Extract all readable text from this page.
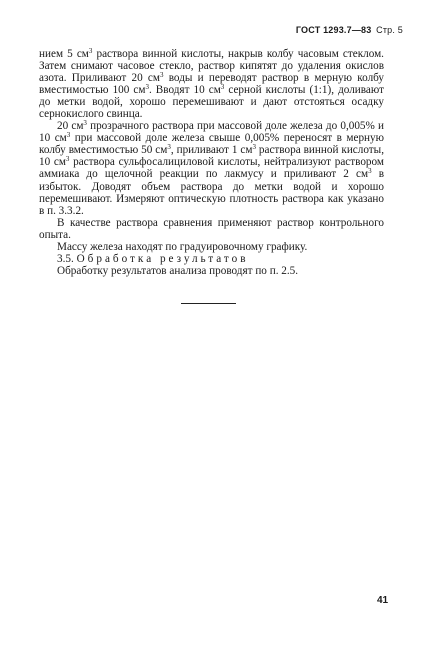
ГОСТ 1293.7—83 Стр. 5

нием 5 $см^3$ раствора винной кислоты, накрыв колбу часовым стеклом. Затем снимают часовое стекло, раствор кипятят до удаления окислов азота. Приливают 20 $см^3$ воды и переводят раствор в мерную колбу вместимостью 100 $см^3$. Вводят 10 $см^3$ серной кислоты (1:1), доливают до метки водой, хорошо перемешивают и дают отстояться осадку сернокислого свинца.

20 $см^3$ прозрачного раствора при массовой доле железа до 0,005% и 10 $см^3$ при массовой доле железа свыше 0,005% переносят в мерную колбу вместимостью 50 $см^3$, приливают 1 $см^3$ раствора винной кислоты, 10 $см^3$ раствора сульфосалициловой кислоты, нейтрализуют раствором аммиака до щелочной реакции по лакмусу и приливают 2 $см^3$ в избыток. Доводят объем раствора до метки водой и хорошо перемешивают. Измеряют оптическую плотность раствора как указано в п. 3.3.2.

В качестве раствора сравнения применяют раствор контрольного опыта.

Массу железа находят по градуировочному графику.

3.5. Обработка результатов

Обработку результатов анализа проводят по п. 2.5.

41
